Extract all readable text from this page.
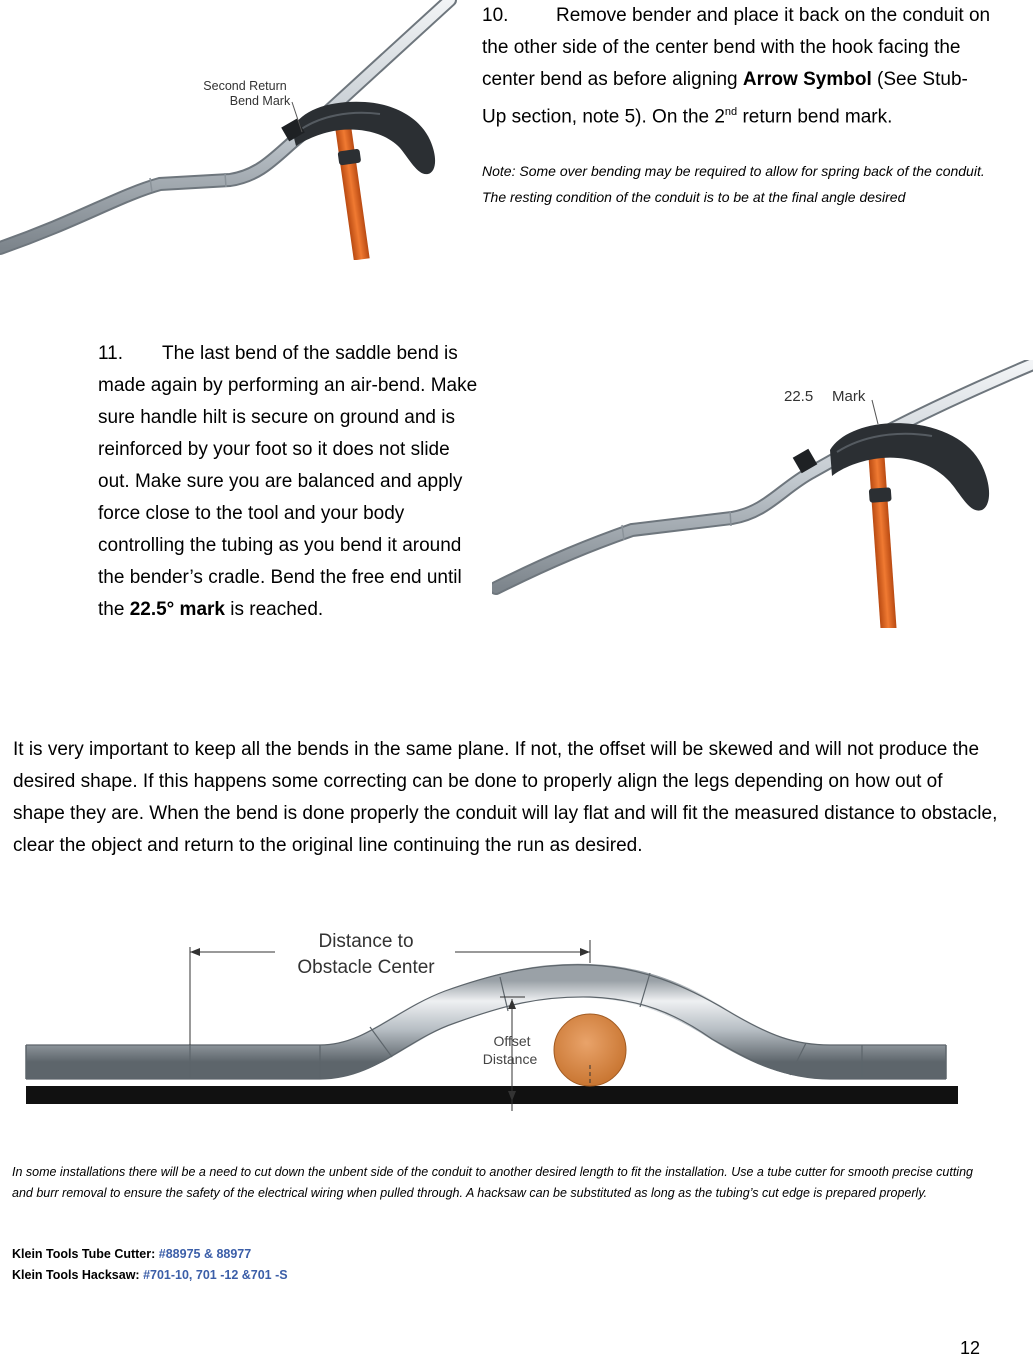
Second Return
Bend Mark
10.	Remove bender and place it back on the conduit on the other side of the center bend with the hook facing the center bend as before aligning Arrow Symbol (See Stub-Up section, note 5). On the 2nd return bend mark.
Note: Some over bending may be required to allow for spring back of the conduit. The resting condition of the conduit is to be at the final angle desired
11. The last bend of the saddle bend is made again by performing an air-bend. Make sure handle hilt is secure on ground and is reinforced by your foot so it does not slide out. Make sure you are balanced and apply force close to the tool and your body controlling the tubing as you bend it around the bender’s cradle. Bend the free end until the 22.5° mark is reached.
22.5 Mark
It is very important to keep all the bends in the same plane. If not, the offset will be skewed and will not produce the desired shape. If this happens some correcting can be done to properly align the legs depending on how out of shape they are. When the bend is done properly the conduit will lay flat and will fit the measured distance to obstacle, clear the object and return to the original line continuing the run as desired.
Distance to
Obstacle Center
Offset
Distance
In some installations there will be a need to cut down the unbent side of the conduit to another desired length to fit the installation. Use a tube cutter for smooth precise cutting and burr removal to ensure the safety of the electrical wiring when pulled through. A hacksaw can be substituted as long as the tubing’s cut edge is prepared properly.
Klein Tools Tube Cutter: #88975 & 88977
Klein Tools Hacksaw: #701-10, 701 -12 &701 -S
12
